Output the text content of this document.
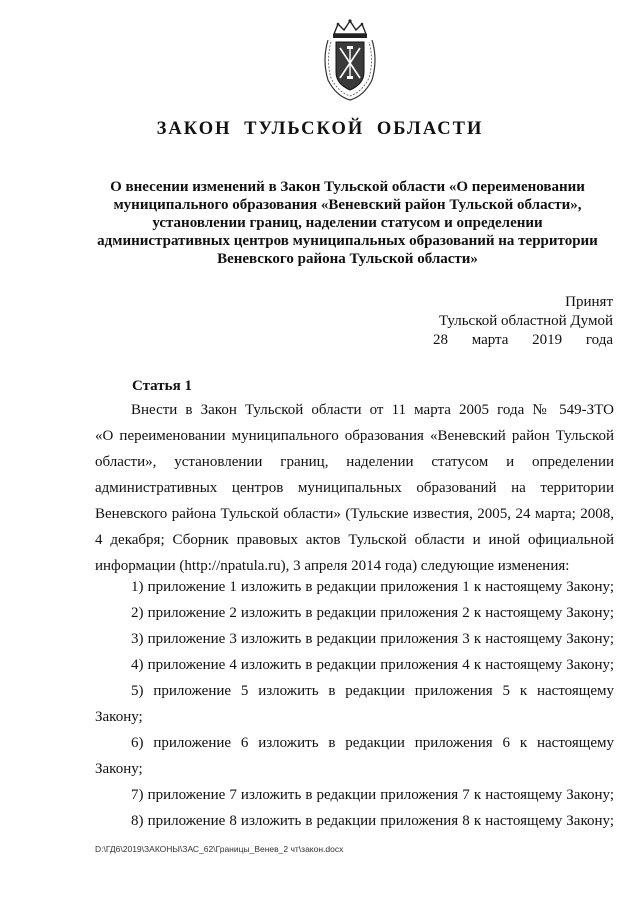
ЗАКОН ТУЛЬСКОЙ ОБЛАСТИ
О внесении изменений в Закон Тульской области «О переименовании
муниципального образования «Веневский район Тульской области»,
установлении границ, наделении статусом и определении
административных центров муниципальных образований на территории
Веневского района Тульской области»
Принят
Тульской областной Думой
28 марта 2019 года
Статья 1
Внести в Закон Тульской области от 11 марта 2005 года № 549-ЗТО
«О переименовании муниципального образования «Веневский район Тульской
области», установлении границ, наделении статусом и определении
административных центров муниципальных образований на территории
Веневского района Тульской области» (Тульские известия, 2005, 24 марта; 2008,
4 декабря; Сборник правовых актов Тульской области и иной официальной
информации (http://npatula.ru), 3 апреля 2014 года) следующие изменения:
1) приложение 1 изложить в редакции приложения 1 к настоящему Закону;
2) приложение 2 изложить в редакции приложения 2 к настоящему Закону;
3) приложение 3 изложить в редакции приложения 3 к настоящему Закону;
4) приложение 4 изложить в редакции приложения 4 к настоящему Закону;
5) приложение 5 изложить в редакции приложения 5 к настоящему
Закону;
6) приложение 6 изложить в редакции приложения 6 к настоящему
Закону;
7) приложение 7 изложить в редакции приложения 7 к настоящему Закону;
8) приложение 8 изложить в редакции приложения 8 к настоящему Закону;
D:\ГД6\2019\ЗАКОНЫ\ЗАС_62\Границы_Венев_2 чт\закон.docx
